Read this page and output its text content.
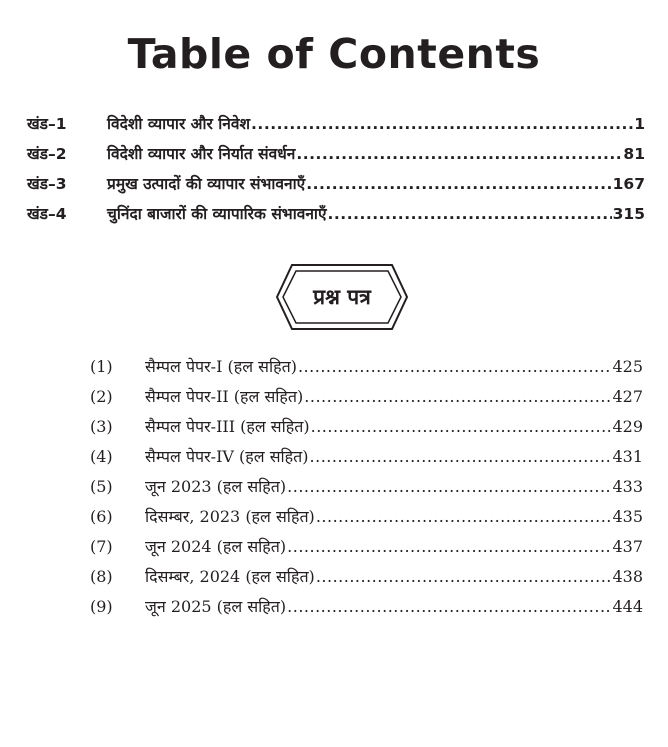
Table of Contents
खंड–1	विदेशी व्यापार और निवेश .....	1
खंड–2	विदेशी व्यापार और निर्यात संवर्धन .....	81
खंड–3	प्रमुख उत्पादों की व्यापार संभावनाएँ .....	167
खंड–4	चुनिंदा बाजारों की व्यापारिक संभावनाएँ .....	315
प्रश्न पत्र
(1)	सैम्पल पेपर-I (हल सहित) .....	425
(2)	सैम्पल पेपर-II (हल सहित) .....	427
(3)	सैम्पल पेपर-III (हल सहित) .....	429
(4)	सैम्पल पेपर-IV (हल सहित) .....	431
(5)	जून 2023 (हल सहित) .....	433
(6)	दिसम्बर, 2023 (हल सहित) .....	435
(7)	जून 2024 (हल सहित) .....	437
(8)	दिसम्बर, 2024 (हल सहित) .....	438
(9)	जून 2025 (हल सहित) .....	444
